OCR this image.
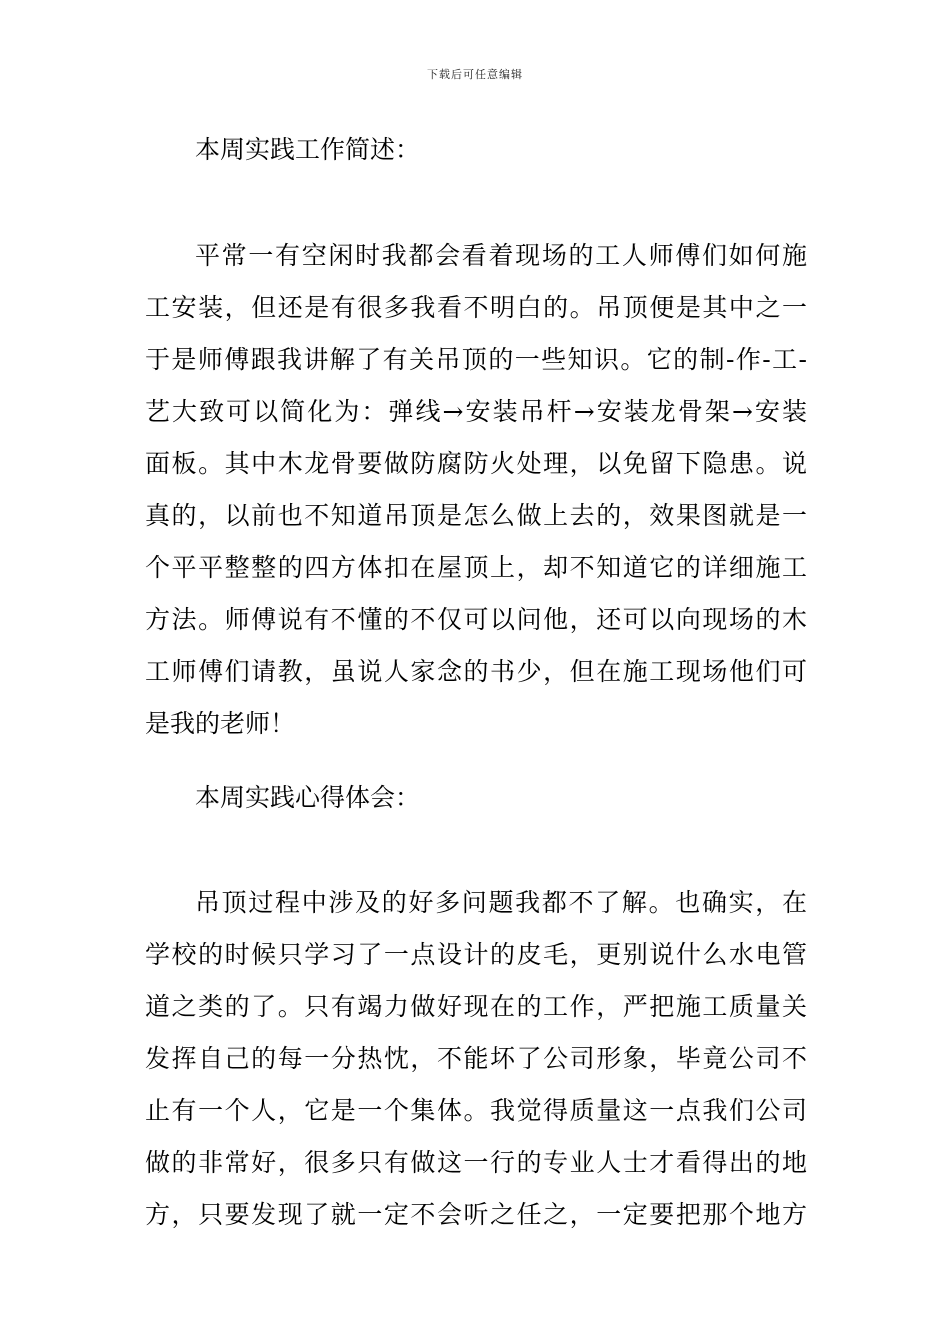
下载后可任意编辑
本周实践工作简述：
平常一有空闲时我都会看着现场的工人师傅们如何施
工安装，但还是有很多我看不明白的。吊顶便是其中之一
于是师傅跟我讲解了有关吊顶的一些知识。它的制-作-工-
艺大致可以简化为：弹线→安装吊杆→安装龙骨架→安装
面板。其中木龙骨要做防腐防火处理，以免留下隐患。说
真的，以前也不知道吊顶是怎么做上去的，效果图就是一
个平平整整的四方体扣在屋顶上，却不知道它的详细施工
方法。师傅说有不懂的不仅可以问他，还可以向现场的木
工师傅们请教，虽说人家念的书少，但在施工现场他们可
是我的老师！
本周实践心得体会：
吊顶过程中涉及的好多问题我都不了解。也确实，在
学校的时候只学习了一点设计的皮毛，更别说什么水电管
道之类的了。只有竭力做好现在的工作，严把施工质量关
发挥自己的每一分热忱，不能坏了公司形象，毕竟公司不
止有一个人，它是一个集体。我觉得质量这一点我们公司
做的非常好，很多只有做这一行的专业人士才看得出的地
方，只要发现了就一定不会听之任之，一定要把那个地方
